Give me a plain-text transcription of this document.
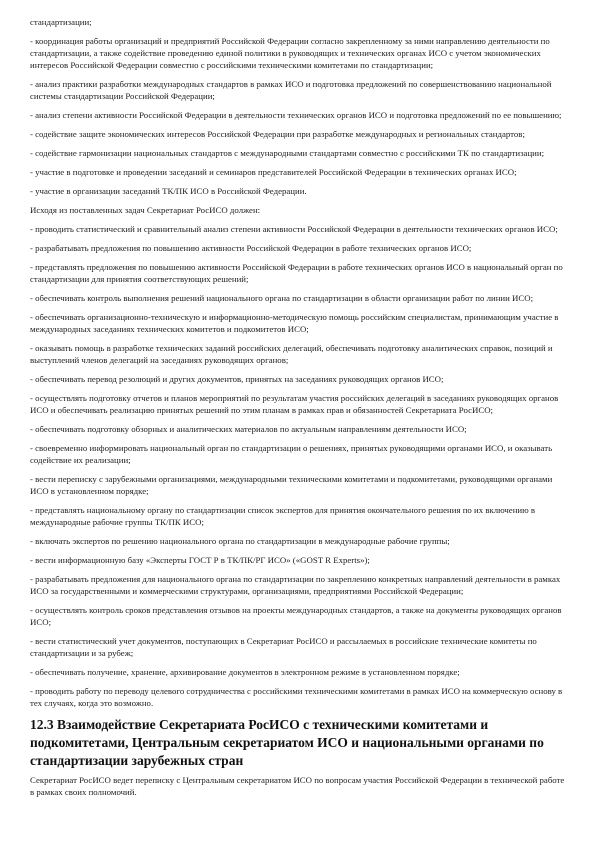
стандартизации;

- координация работы организаций и предприятий Российской Федерации согласно закрепленному за ними направлению деятельности по стандартизации, а также содействие проведению единой политики в руководящих и технических органах ИСО с учетом экономических интересов Российской Федерации совместно с российскими техническими комитетами по стандартизации;

- анализ практики разработки международных стандартов в рамках ИСО и подготовка предложений по совершенствованию национальной системы стандартизации Российской Федерации;

- анализ степени активности Российской Федерации в деятельности технических органов ИСО и подготовка предложений по ее повышению;

- содействие защите экономических интересов Российской Федерации при разработке международных и региональных стандартов;

- содействие гармонизации национальных стандартов с международными стандартами совместно с российскими ТК по стандартизации;

- участие в подготовке и проведении заседаний и семинаров представителей Российской Федерации в технических органах ИСО;

- участие в организации заседаний ТК/ПК ИСО в Российской Федерации.

Исходя из поставленных задач Секретариат РосИСО должен:

- проводить статистический и сравнительный анализ степени активности Российской Федерации в деятельности технических органов ИСО;

- разрабатывать предложения по повышению активности Российской Федерации в работе технических органов ИСО;

- представлять предложения по повышению активности Российской Федерации в работе технических органов ИСО в национальный орган по стандартизации для принятия соответствующих решений;

- обеспечивать контроль выполнения решений национального органа по стандартизации в области организации работ по линии ИСО;

- обеспечивать организационно-техническую и информационно-методическую помощь российским специалистам, принимающим участие в международных заседаниях технических комитетов и подкомитетов ИСО;

- оказывать помощь в разработке технических заданий российских делегаций, обеспечивать подготовку аналитических справок, позиций и выступлений членов делегаций на заседаниях руководящих органов;

- обеспечивать перевод резолюций и других документов, принятых на заседаниях руководящих органов ИСО;

- осуществлять подготовку отчетов и планов мероприятий по результатам участия российских делегаций в заседаниях руководящих органов ИСО и обеспечивать реализацию принятых решений по этим планам в рамках прав и обязанностей Секретариата РосИСО;

- обеспечивать подготовку обзорных и аналитических материалов по актуальным направлениям деятельности ИСО;

- своевременно информировать национальный орган по стандартизации о решениях, принятых руководящими органами ИСО, и оказывать содействие их реализации;

- вести переписку с зарубежными организациями, международными техническими комитетами и подкомитетами, руководящими органами ИСО в установленном порядке;

- представлять национальному органу по стандартизации список экспертов для принятия окончательного решения по их включению в международные рабочие группы ТК/ПК ИСО;

- включать экспертов по решению национального органа по стандартизации в международные рабочие группы;

- вести информационную базу «Эксперты ГОСТ Р в ТК/ПК/РГ ИСО» («GOST R Experts»);

- разрабатывать предложения для национального органа по стандартизации по закреплению конкретных направлений деятельности в рамках ИСО за государственными и коммерческими структурами, организациями, предприятиями Российской Федерации;

- осуществлять контроль сроков представления отзывов на проекты международных стандартов, а также на документы руководящих органов ИСО;

- вести статистический учет документов, поступающих в Секретариат РосИСО и рассылаемых в российские технические комитеты по стандартизации и за рубеж;

- обеспечивать получение, хранение, архивирование документов в электронном режиме в установленном порядке;

- проводить работу по переводу целевого сотрудничества с российскими техническими комитетами в рамках ИСО на коммерческую основу в тех случаях, когда это возможно.

12.3 Взаимодействие Секретариата РосИСО с техническими комитетами и подкомитетами, Центральным секретариатом ИСО и национальными органами по стандартизации зарубежных стран

Секретариат РосИСО ведет переписку с Центральным секретариатом ИСО по вопросам участия Российской Федерации в технической работе в рамках своих полномочий.
